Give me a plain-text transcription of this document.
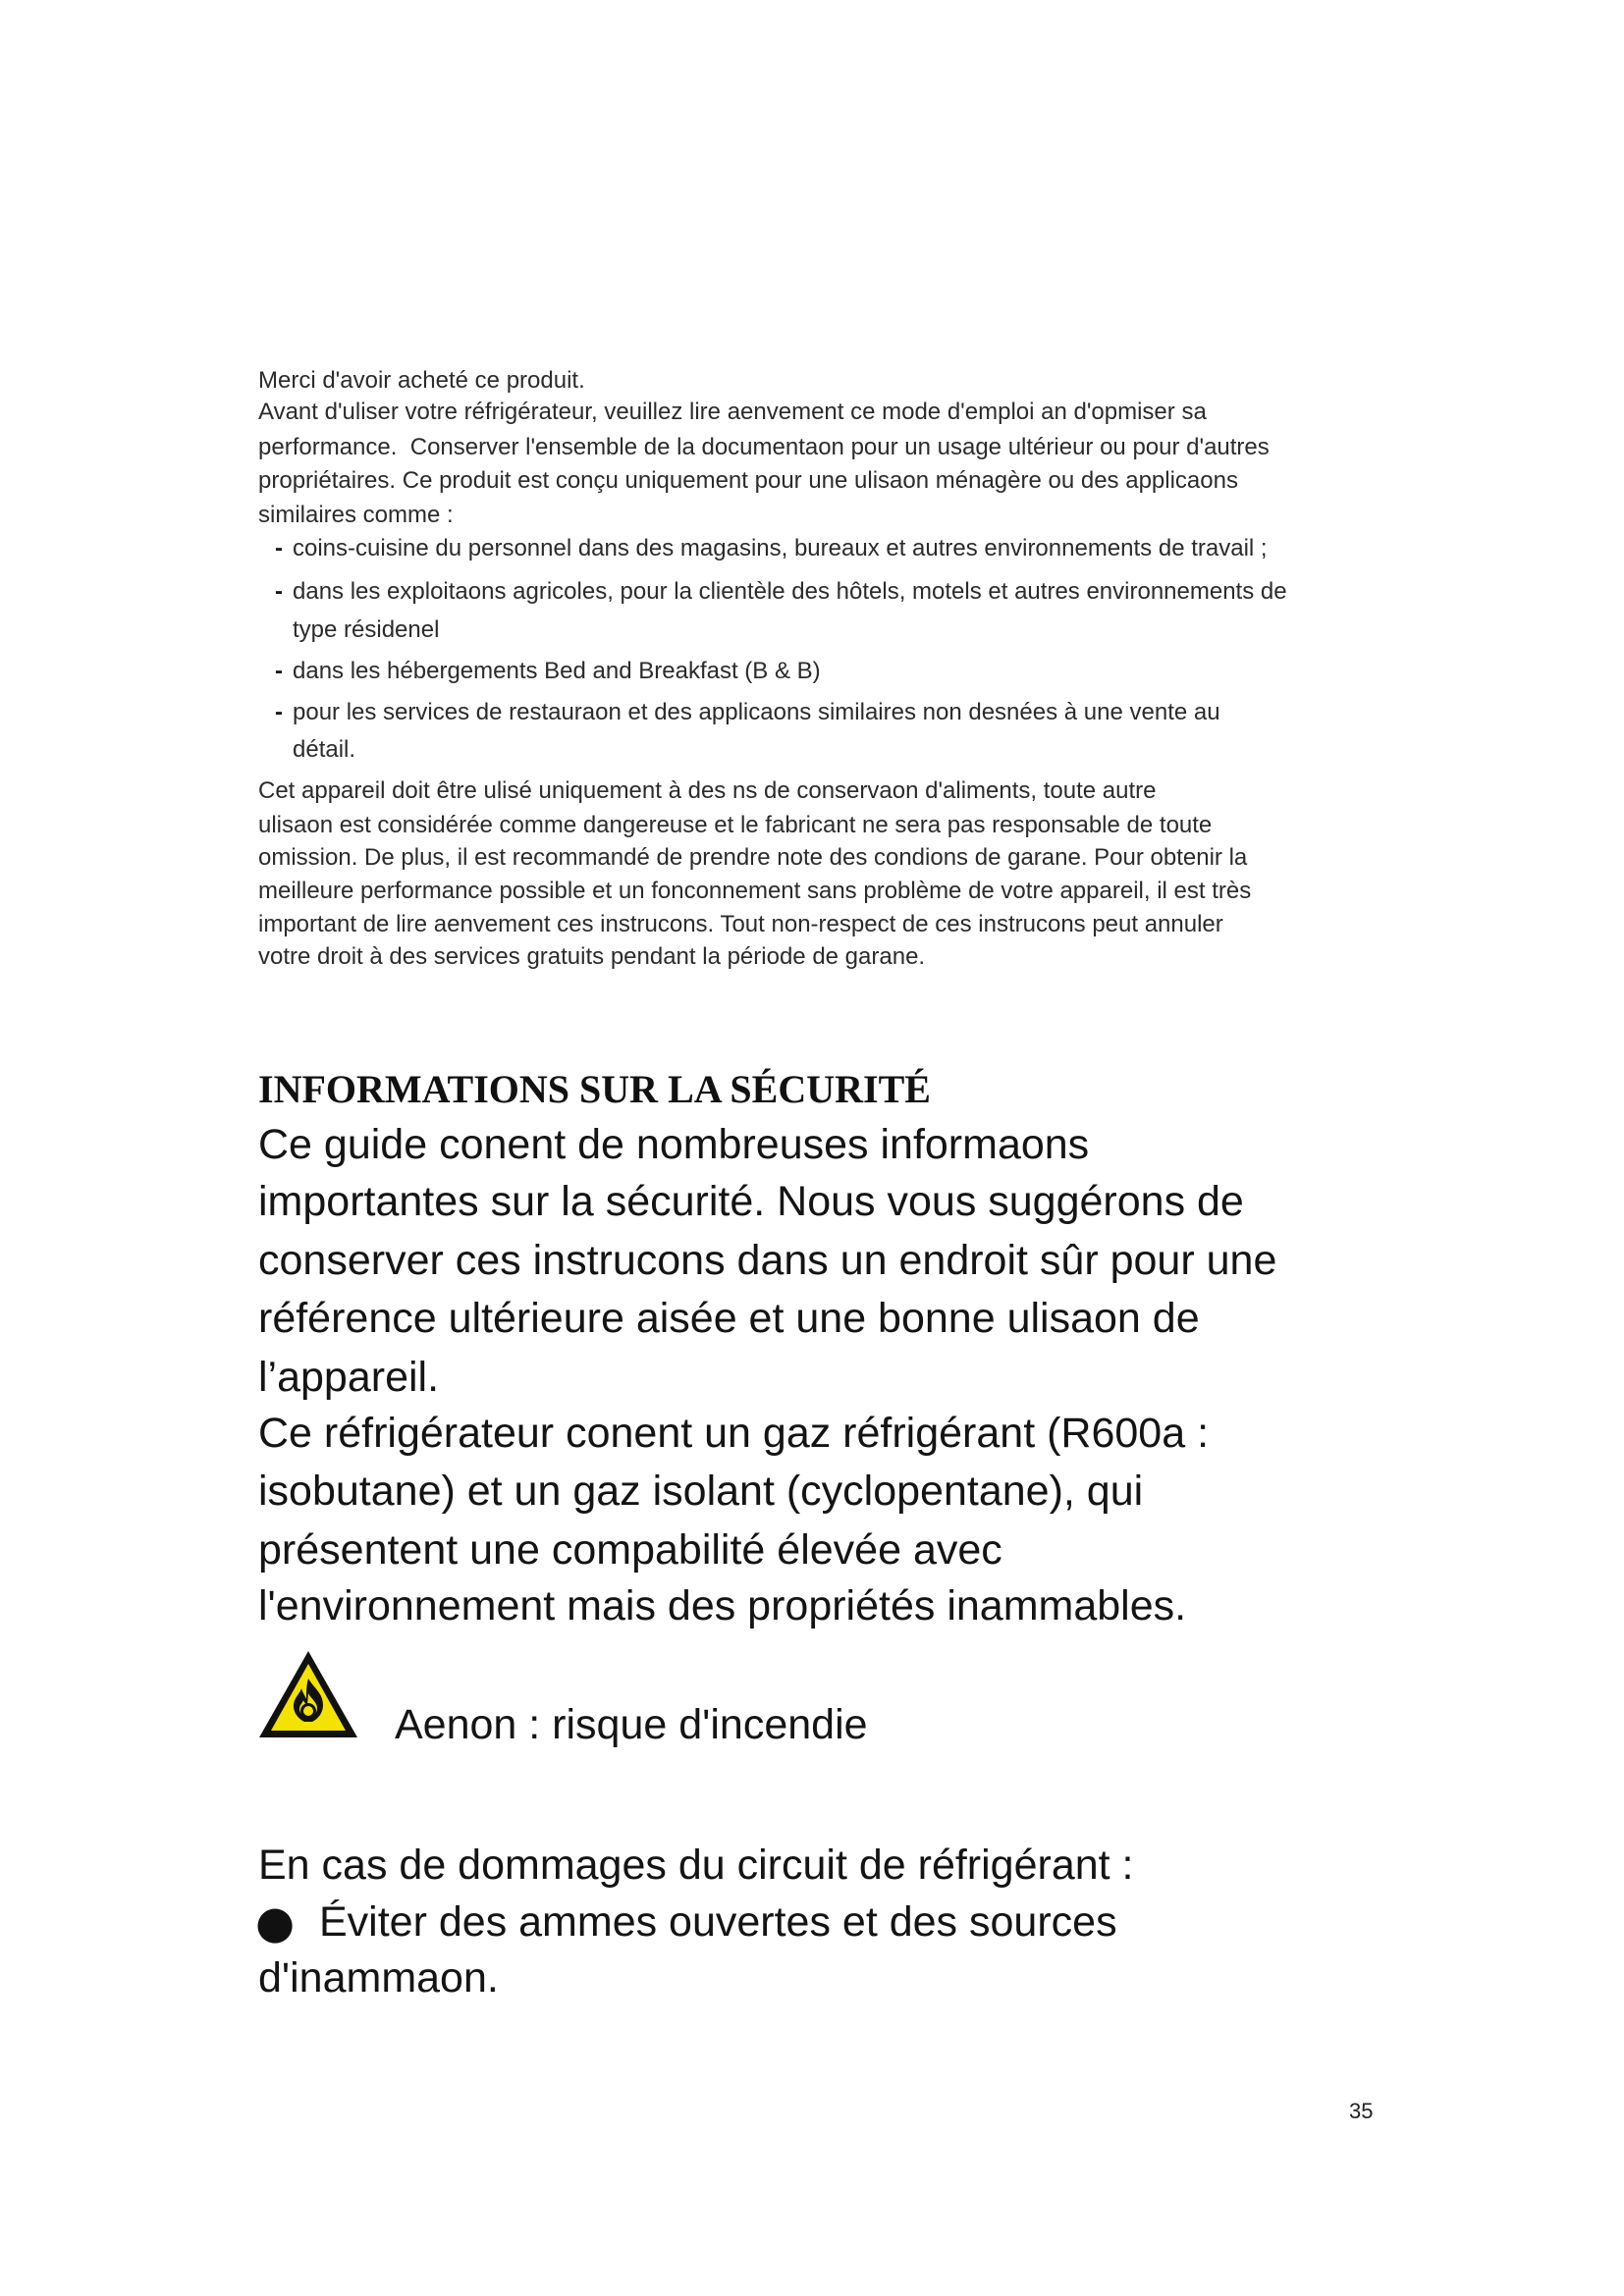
Merci d'avoir acheté ce produit.
Avant d'uliser votre réfrigérateur, veuillez lire aenvement ce mode d'emploi an d'opmiser sa
performance.  Conserver l'ensemble de la documentaon pour un usage ultérieur ou pour d'autres
propriétaires. Ce produit est conçu uniquement pour une ulisaon ménagère ou des applicaons
similaires comme :
- coins-cuisine du personnel dans des magasins, bureaux et autres environnements de travail ;
- dans les exploitaons agricoles, pour la clientèle des hôtels, motels et autres environnements de
type résidenel
- dans les hébergements Bed and Breakfast (B & B)
- pour les services de restauraon et des applicaons similaires non desnées à une vente au
détail.
Cet appareil doit être ulisé uniquement à des ns de conservaon d'aliments, toute autre
ulisaon est considérée comme dangereuse et le fabricant ne sera pas responsable de toute
omission. De plus, il est recommandé de prendre note des condions de garane. Pour obtenir la
meilleure performance possible et un fonconnement sans problème de votre appareil, il est très
important de lire aenvement ces instrucons. Tout non-respect de ces instrucons peut annuler
votre droit à des services gratuits pendant la période de garane.
INFORMATIONS SUR LA SÉCURITÉ
Ce guide conent de nombreuses informaons
importantes sur la sécurité. Nous vous suggérons de
conserver ces instrucons dans un endroit sûr pour une
référence ultérieure aisée et une bonne ulisaon de
l’appareil.
Ce réfrigérateur conent un gaz réfrigérant (R600a :
isobutane) et un gaz isolant (cyclopentane), qui
présentent une compabilité élevée avec
l'environnement mais des propriétés inammables.
Aenon : risque d'incendie
En cas de dommages du circuit de réfrigérant :
● Éviter des ammes ouvertes et des sources
d'inammaon.
35
